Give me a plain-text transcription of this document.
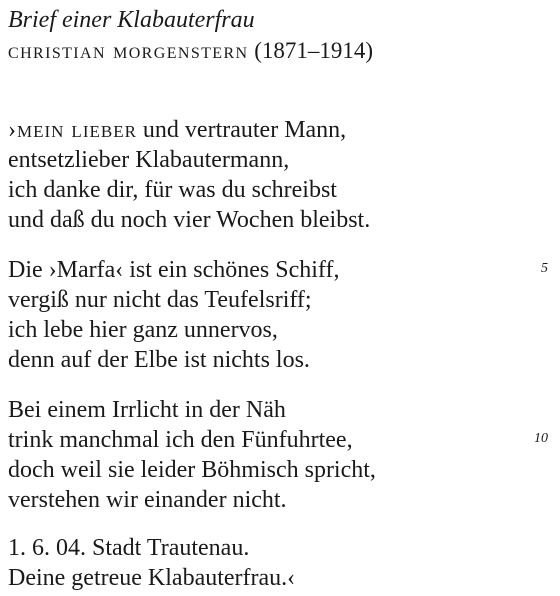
Brief einer Klabauterfrau
christian morgenstern (1871–1914)
›mein lieber und vertrauter Mann,
entsetzlieber Klabautermann,
ich danke dir, für was du schreibst
und daß du noch vier Wochen bleibst.
Die ›Marfa‹ ist ein schönes Schiff,	5
vergiß nur nicht das Teufelsriff;
ich lebe hier ganz unnervos,
denn auf der Elbe ist nichts los.
Bei einem Irrlicht in der Näh
trink manchmal ich den Fünfuhrtee,	10
doch weil sie leider Böhmisch spricht,
verstehen wir einander nicht.
1. 6. 04. Stadt Trautenau.
Deine getreue Klabauterfrau.‹
